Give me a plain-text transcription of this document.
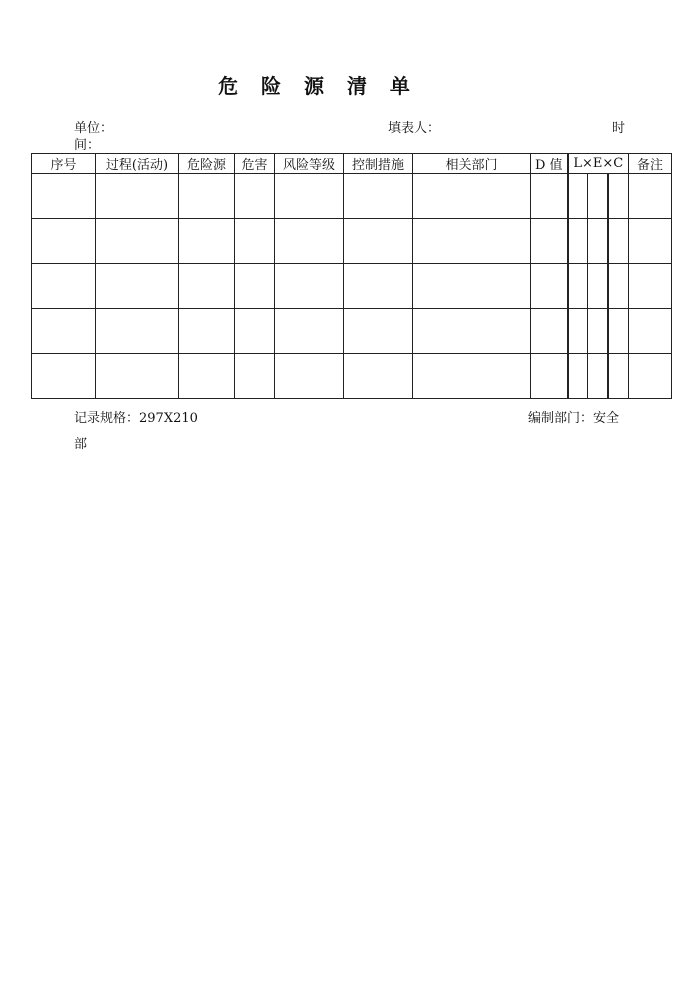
危 险 源 清 单
单位：	填表人：	时
间：
序号	过程(活动)	危险源	危害	风险等级	控制措施	相关部门	D 值	L×E×C			备注

记录规格：297X210	编制部门：安全
部
